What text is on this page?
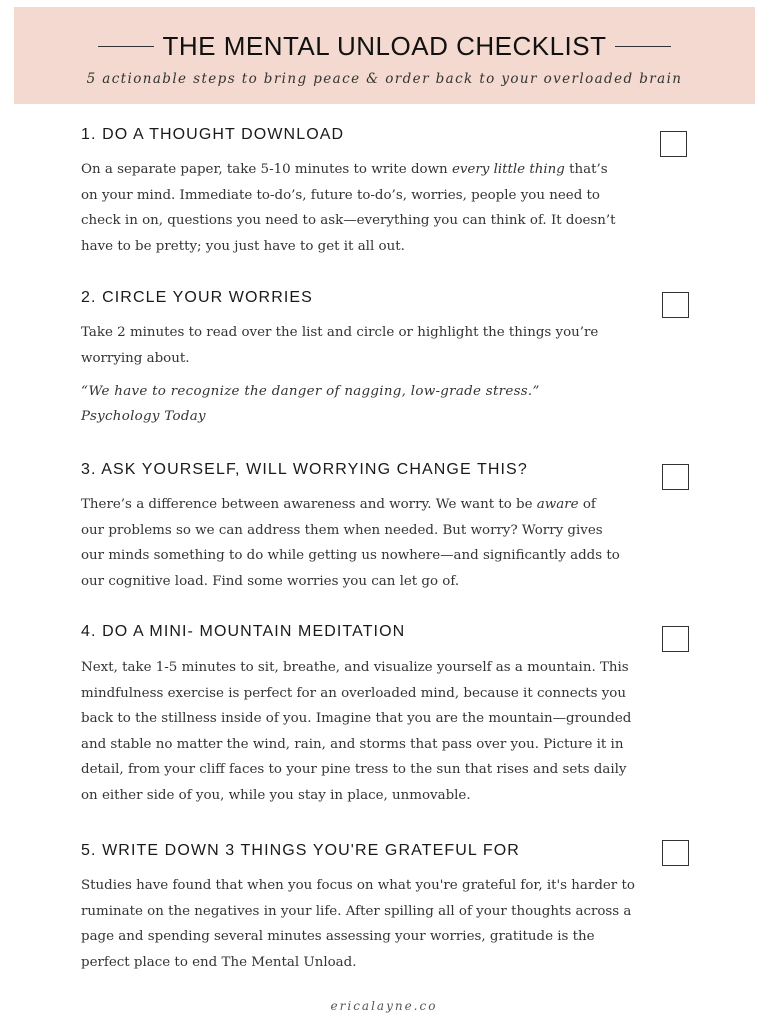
THE MENTAL UNLOAD CHECKLIST
5 actionable steps to bring peace & order back to your overloaded brain
1. DO A THOUGHT DOWNLOAD

On a separate paper, take 5-10 minutes to write down every little thing that’s on your mind. Immediate to-do’s, future to-do’s, worries, people you need to check in on, questions you need to ask—everything you can think of. It doesn’t have to be pretty; you just have to get it all out.

2. CIRCLE YOUR WORRIES

Take 2 minutes to read over the list and circle or highlight the things you’re worrying about.

“We have to recognize the danger of nagging, low-grade stress.”

Psychology Today

3. ASK YOURSELF, WILL WORRYING CHANGE THIS?

There’s a difference between awareness and worry. We want to be aware of our problems so we can address them when needed. But worry? Worry gives our minds something to do while getting us nowhere—and significantly adds to our cognitive load. Find some worries you can let go of.

4. DO A MINI- MOUNTAIN MEDITATION

Next, take 1-5 minutes to sit, breathe, and visualize yourself as a mountain. This mindfulness exercise is perfect for an overloaded mind, because it connects you back to the stillness inside of you. Imagine that you are the mountain—grounded and stable no matter the wind, rain, and storms that pass over you. Picture it in detail, from your cliff faces to your pine tress to the sun that rises and sets daily on either side of you, while you stay in place, unmovable.

5. WRITE DOWN 3 THINGS YOU'RE GRATEFUL FOR

Studies have found that when you focus on what you're grateful for, it's harder to ruminate on the negatives in your life. After spilling all of your thoughts across a page and spending several minutes assessing your worries, gratitude is the perfect place to end The Mental Unload.

ericalayne.co
